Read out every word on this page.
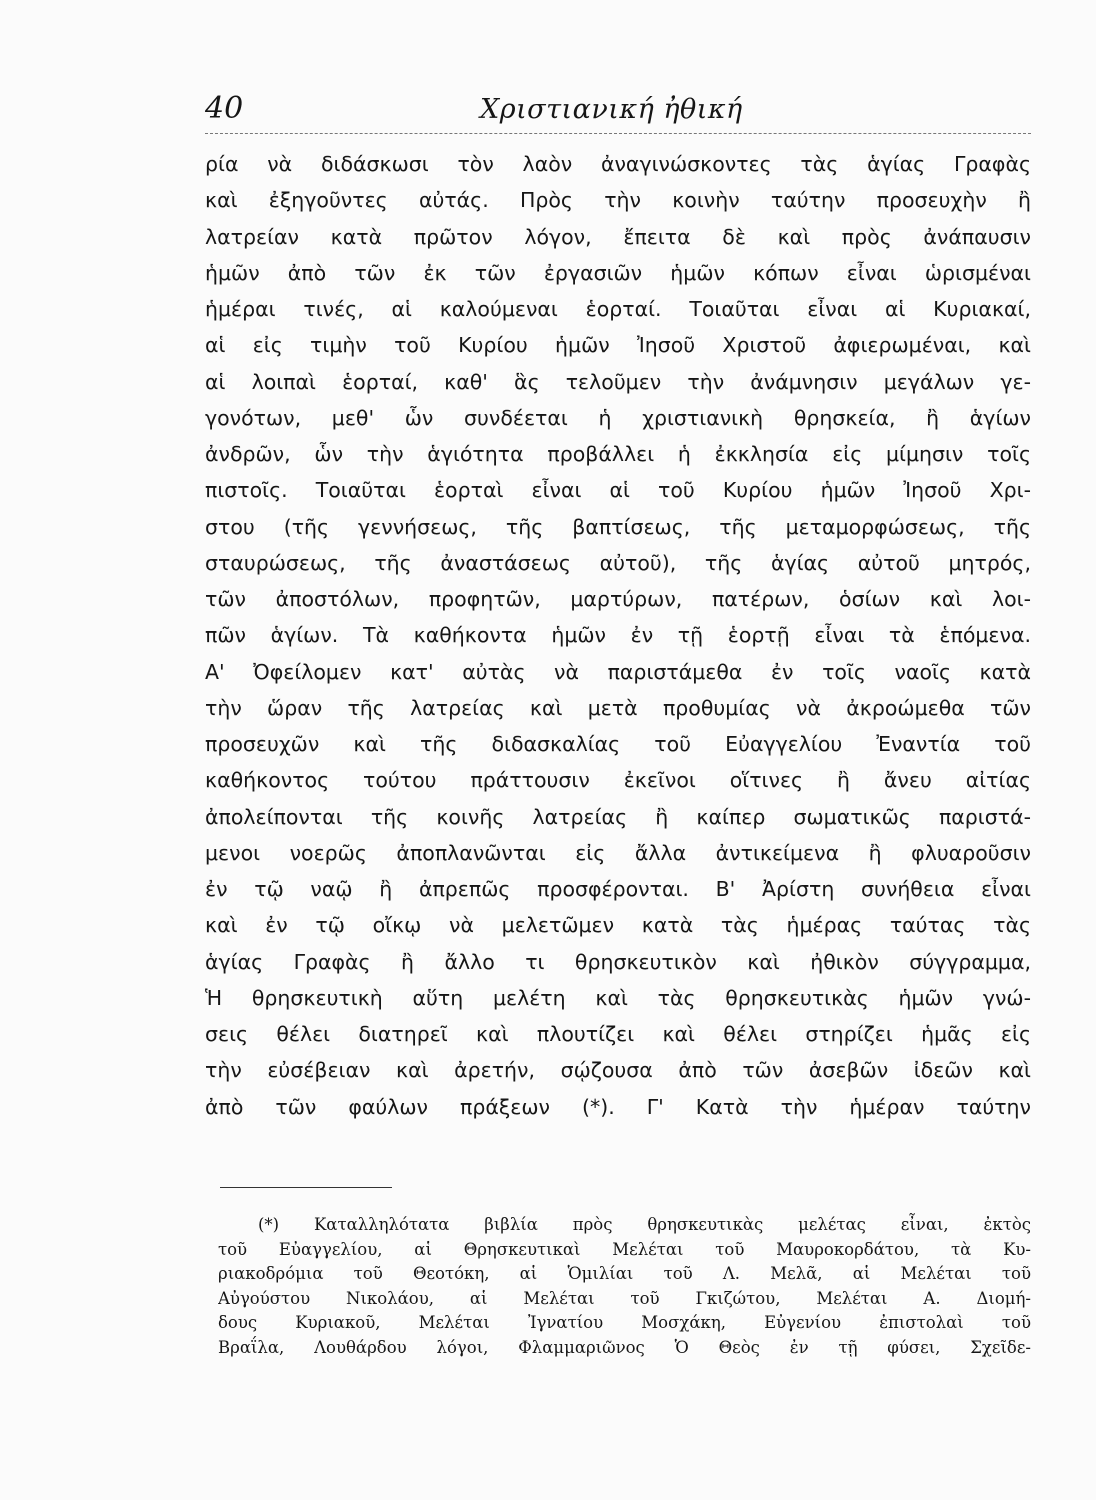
40	Χριστιανική ἠθική
ρία νὰ διδάσκωσι τὸν λαὸν ἀναγινώσκοντες τὰς ἁγίας Γραφὰς
καὶ ἐξηγοῦντες αὐτάς. Πρὸς τὴν κοινὴν ταύτην προσευχὴν ἢ
λατρείαν κατὰ πρῶτον λόγον, ἔπειτα δὲ καὶ πρὸς ἀνάπαυσιν
ἡμῶν ἀπὸ τῶν ἐκ τῶν ἐργασιῶν ἡμῶν κόπων εἶναι ὡρισμέναι
ἡμέραι τινές, αἱ καλούμεναι ἑορταί. Τοιαῦται εἶναι αἱ Κυριακαί,
αἱ εἰς τιμὴν τοῦ Κυρίου ἡμῶν Ἰησοῦ Χριστοῦ ἀφιερωμέναι, καὶ
αἱ λοιπαὶ ἑορταί, καθ' ἃς τελοῦμεν τὴν ἀνάμνησιν μεγάλων γε-
γονότων, μεθ' ὧν συνδέεται ἡ χριστιανικὴ θρησκεία, ἢ ἁγίων
ἀνδρῶν, ὧν τὴν ἁγιότητα προβάλλει ἡ ἐκκλησία εἰς μίμησιν τοῖς
πιστοῖς. Τοιαῦται ἑορταὶ εἶναι αἱ τοῦ Κυρίου ἡμῶν Ἰησοῦ Χρι-
στου (τῆς γεννήσεως, τῆς βαπτίσεως, τῆς μεταμορφώσεως, τῆς
σταυρώσεως, τῆς ἀναστάσεως αὐτοῦ), τῆς ἁγίας αὐτοῦ μητρός,
τῶν ἀποστόλων, προφητῶν, μαρτύρων, πατέρων, ὁσίων καὶ λοι-
πῶν ἁγίων. Τὰ καθήκοντα ἡμῶν ἐν τῇ ἑορτῇ εἶναι τὰ ἑπόμενα.
Α' Ὀφείλομεν κατ' αὐτὰς νὰ παριστάμεθα ἐν τοῖς ναοῖς κατὰ
τὴν ὥραν τῆς λατρείας καὶ μετὰ προθυμίας νὰ ἀκροώμεθα τῶν
προσευχῶν καὶ τῆς διδασκαλίας τοῦ Εὐαγγελίου Ἐναντία τοῦ
καθήκοντος τούτου πράττουσιν ἐκεῖνοι οἵτινες ἢ ἄνευ αἰτίας
ἀπολείπονται τῆς κοινῆς λατρείας ἢ καίπερ σωματικῶς παριστά-
μενοι νοερῶς ἀποπλανῶνται εἰς ἄλλα ἀντικείμενα ἢ φλυαροῦσιν
ἐν τῷ ναῷ ἢ ἀπρεπῶς προσφέρονται. Β' Ἀρίστη συνήθεια εἶναι
καὶ ἐν τῷ οἴκῳ νὰ μελετῶμεν κατὰ τὰς ἡμέρας ταύτας τὰς
ἁγίας Γραφὰς ἢ ἄλλο τι θρησκευτικὸν καὶ ἠθικὸν σύγγραμμα,
Ἡ θρησκευτικὴ αὕτη μελέτη καὶ τὰς θρησκευτικὰς ἡμῶν γνώ-
σεις θέλει διατηρεῖ καὶ πλουτίζει καὶ θέλει στηρίζει ἡμᾶς εἰς
τὴν εὐσέβειαν καὶ ἀρετήν, σῴζουσα ἀπὸ τῶν ἀσεβῶν ἰδεῶν καὶ
ἀπὸ τῶν φαύλων πράξεων (*). Γ' Κατὰ τὴν ἡμέραν ταύτην
(*) Καταλληλότατα βιβλία πρὸς θρησκευτικὰς μελέτας εἶναι, ἐκτὸς
τοῦ Εὐαγγελίου, αἱ Θρησκευτικαὶ Μελέται τοῦ Μαυροκορδάτου, τὰ Κυ-
ριακοδρόμια τοῦ Θεοτόκη, αἱ Ὁμιλίαι τοῦ Λ. Μελᾶ, αἱ Μελέται τοῦ
Αὐγούστου Νικολάου, αἱ Μελέται τοῦ Γκιζώτου, Μελέται Α. Διομή-
δους Κυριακοῦ, Μελέται Ἰγνατίου Μοσχάκη, Εὐγενίου ἐπιστολαὶ τοῦ
Βραΐλα, Λουθάρδου λόγοι, Φλαμμαριῶνος Ὁ Θεὸς ἐν τῇ φύσει, Σχεῖδε-
